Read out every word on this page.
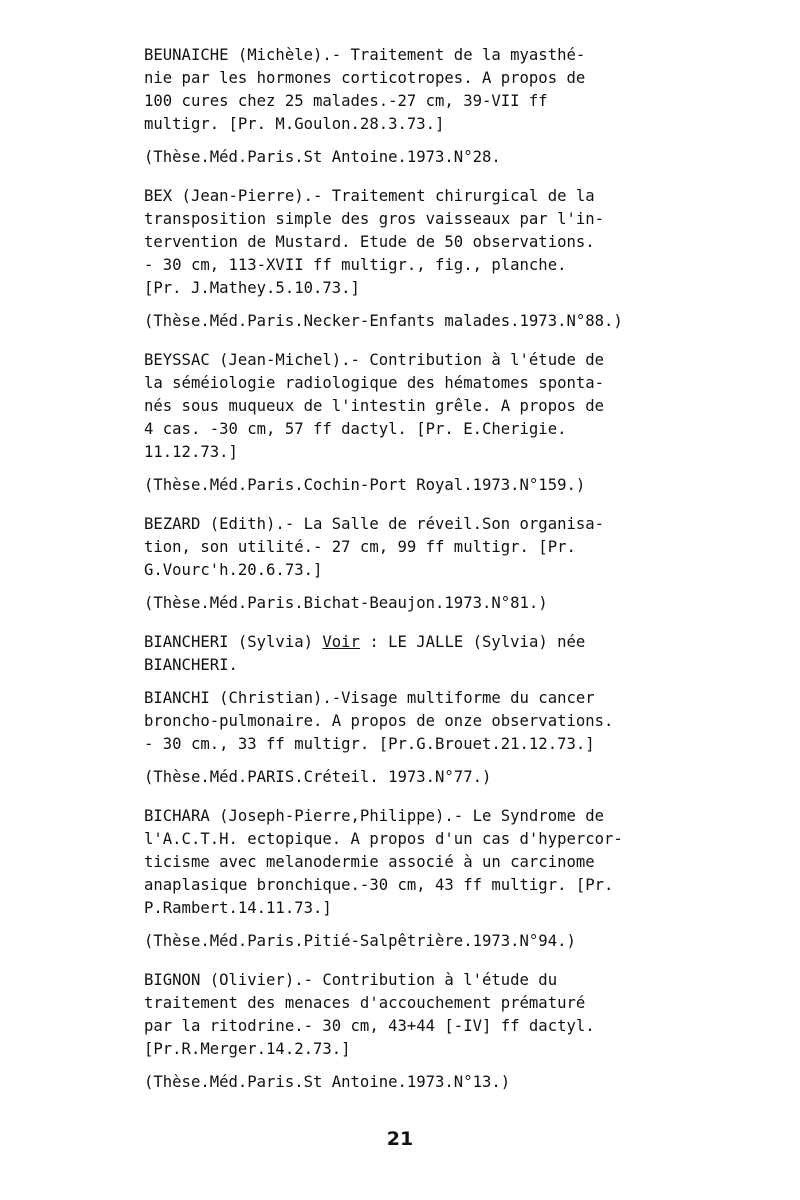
BEUNAICHE (Michèle).- Traitement de la myasthé-
nie par les hormones corticotropes. A propos de
100 cures chez 25 malades.-27 cm, 39-VII ff
multigr. [Pr. M.Goulon.28.3.73.]
(Thèse.Méd.Paris.St Antoine.1973.N°28.
BEX (Jean-Pierre).- Traitement chirurgical de la
transposition simple des gros vaisseaux par l'in-
tervention de Mustard. Etude de 50 observations.
- 30 cm, 113-XVII ff multigr., fig., planche.
[Pr. J.Mathey.5.10.73.]
(Thèse.Méd.Paris.Necker-Enfants malades.1973.N°88.)
BEYSSAC (Jean-Michel).- Contribution à l'étude de
la séméiologie radiologique des hématomes sponta-
nés sous muqueux de l'intestin grêle. A propos de
4 cas. -30 cm, 57 ff dactyl. [Pr. E.Cherigie.
11.12.73.]
(Thèse.Méd.Paris.Cochin-Port Royal.1973.N°159.)
BEZARD (Edith).- La Salle de réveil.Son organisa-
tion, son utilité.- 27 cm, 99 ff multigr. [Pr.
G.Vourc'h.20.6.73.]
(Thèse.Méd.Paris.Bichat-Beaujon.1973.N°81.)
BIANCHERI (Sylvia) Voir : LE JALLE (Sylvia) née
BIANCHERI.
BIANCHI (Christian).-Visage multiforme du cancer
broncho-pulmonaire. A propos de onze observations.
- 30 cm., 33 ff multigr. [Pr.G.Brouet.21.12.73.]
(Thèse.Méd.PARIS.Créteil. 1973.N°77.)
BICHARA (Joseph-Pierre,Philippe).- Le Syndrome de
l'A.C.T.H. ectopique. A propos d'un cas d'hypercor-
ticisme avec melanodermie associé à un carcinome
anaplasique bronchique.-30 cm, 43 ff multigr. [Pr.
P.Rambert.14.11.73.]
(Thèse.Méd.Paris.Pitié-Salpêtrière.1973.N°94.)
BIGNON (Olivier).- Contribution à l'étude du
traitement des menaces d'accouchement prématuré
par la ritodrine.- 30 cm, 43+44 [-IV] ff dactyl.
[Pr.R.Merger.14.2.73.]
(Thèse.Méd.Paris.St Antoine.1973.N°13.)
21
